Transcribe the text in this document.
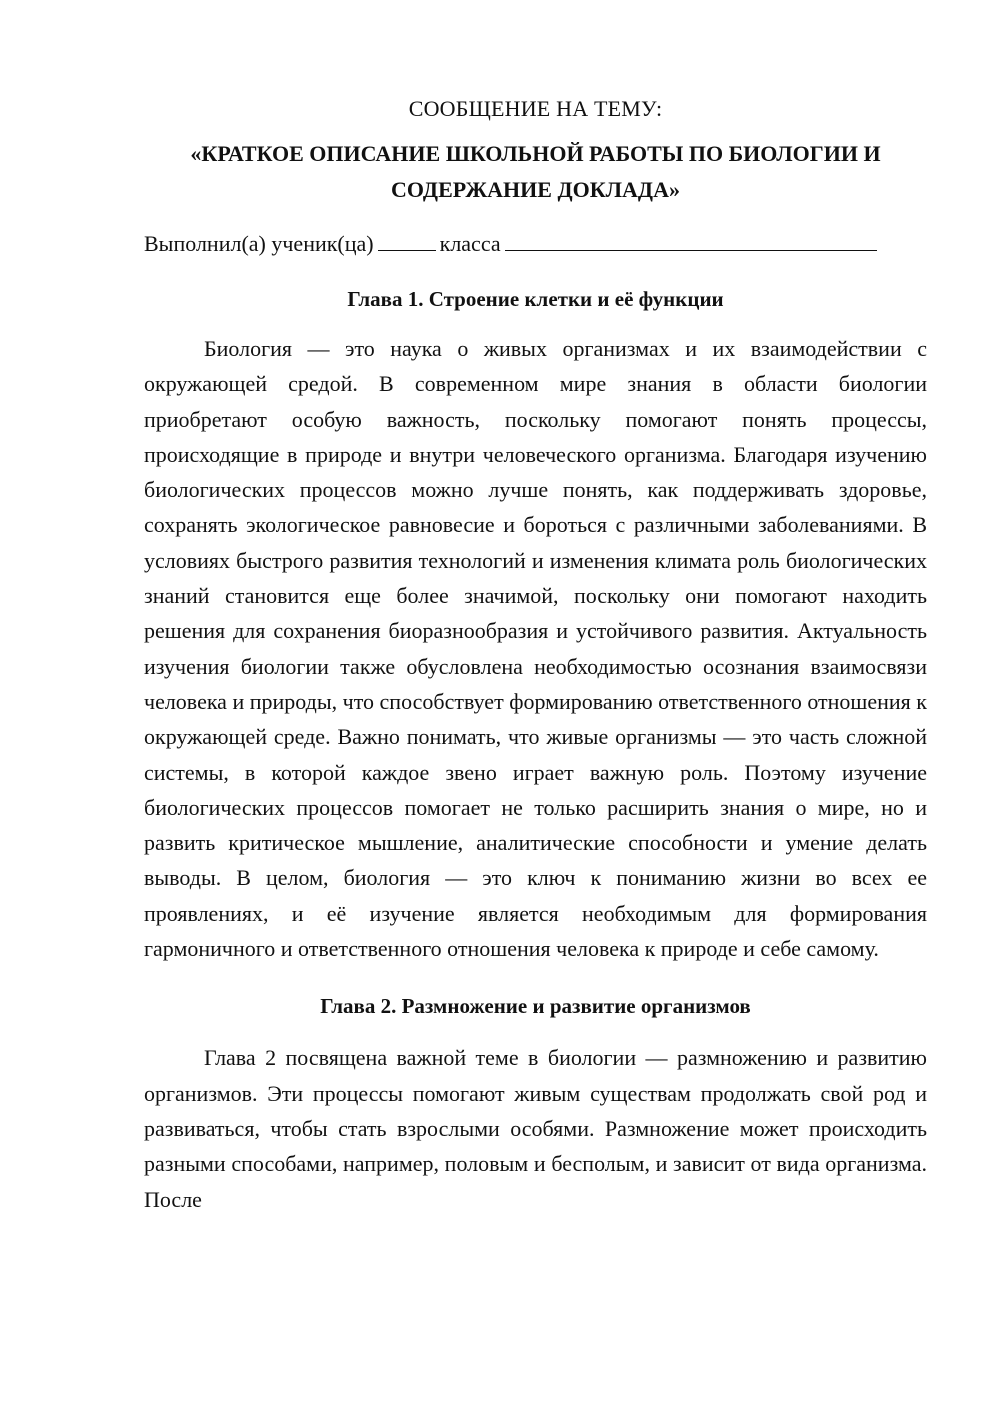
СООБЩЕНИЕ НА ТЕМУ:

«КРАТКОЕ ОПИСАНИЕ ШКОЛЬНОЙ РАБОТЫ ПО БИОЛОГИИ И СОДЕРЖАНИЕ ДОКЛАДА»

Выполнил(а) ученик(ца)	класса

Глава 1. Строение клетки и её функции

Биология — это наука о живых организмах и их взаимодействии с окружающей средой. В современном мире знания в области биологии приобретают особую важность, поскольку помогают понять процессы, происходящие в природе и внутри человеческого организма. Благодаря изучению биологических процессов можно лучше понять, как поддерживать здоровье, сохранять экологическое равновесие и бороться с различными заболеваниями. В условиях быстрого развития технологий и изменения климата роль биологических знаний становится еще более значимой, поскольку они помогают находить решения для сохранения биоразнообразия и устойчивого развития. Актуальность изучения биологии также обусловлена необходимостью осознания взаимосвязи человека и природы, что способствует формированию ответственного отношения к окружающей среде. Важно понимать, что живые организмы — это часть сложной системы, в которой каждое звено играет важную роль. Поэтому изучение биологических процессов помогает не только расширить знания о мире, но и развить критическое мышление, аналитические способности и умение делать выводы. В целом, биология — это ключ к пониманию жизни во всех ее проявлениях, и её изучение является необходимым для формирования гармоничного и ответственного отношения человека к природе и себе самому.

Глава 2. Размножение и развитие организмов

Глава 2 посвящена важной теме в биологии — размножению и развитию организмов. Эти процессы помогают живым существам продолжать свой род и развиваться, чтобы стать взрослыми особями. Размножение может происходить разными способами, например, половым и бесполым, и зависит от вида организма. После
